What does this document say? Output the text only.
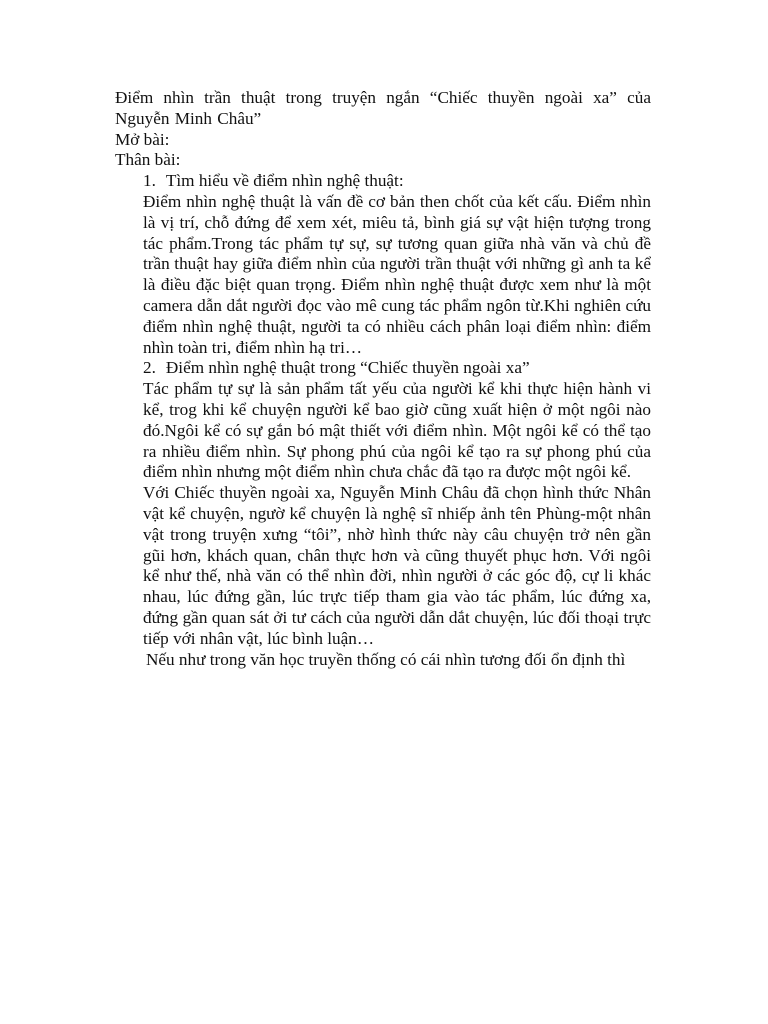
Điểm nhìn trần thuật trong truyện ngắn “Chiếc thuyền ngoài xa” của Nguyễn Minh Châu”

Mở bài:

Thân bài:

1. Tìm hiểu về điểm nhìn nghệ thuật:

Điểm nhìn nghệ thuật là vấn đề cơ bản then chốt của kết cấu. Điểm nhìn là vị trí, chỗ đứng để xem xét, miêu tả, bình giá sự vật hiện tượng trong tác phẩm.Trong tác phẩm tự sự, sự tương quan giữa nhà văn và chủ đề trần thuật hay giữa điểm nhìn của người trần thuật với những gì anh ta kể là điều đặc biệt quan trọng. Điểm nhìn nghệ thuật được xem như là một camera dẫn dắt người đọc vào mê cung tác phẩm ngôn từ.Khi nghiên cứu điểm nhìn nghệ thuật, người ta có nhiều cách phân loại điểm nhìn: điểm nhìn toàn tri, điểm nhìn hạ tri…

2. Điểm nhìn nghệ thuật trong “Chiếc thuyền ngoài xa”

Tác phẩm tự sự là sản phẩm tất yếu của người kể khi thực hiện hành vi kể, trog khi kể chuyện người kể bao giờ cũng xuất hiện ở một ngôi nào đó.Ngôi kể có sự gắn bó mật thiết với điểm nhìn. Một ngôi kể có thể tạo ra nhiều điểm nhìn. Sự phong phú của ngôi kể tạo ra sự phong phú của điểm nhìn nhưng một điểm nhìn chưa chắc đã tạo ra được một ngôi kể.

Với Chiếc thuyền ngoài xa, Nguyễn Minh Châu đã chọn hình thức Nhân vật kể chuyện, ngườ kể chuyện là nghệ sĩ nhiếp ảnh tên Phùng-một nhân vật trong truyện xưng “tôi”, nhờ hình thức này câu chuyện trở nên gần gũi hơn, khách quan, chân thực hơn và cũng thuyết phục hơn. Với ngôi kể như thế, nhà văn có thể nhìn đời, nhìn người ở các góc độ, cự li khác nhau, lúc đứng gần, lúc trực tiếp tham gia vào tác phẩm, lúc đứng xa, đứng gần quan sát ởi tư cách của người dẫn dắt chuyện, lúc đối thoại trực tiếp với nhân vật, lúc bình luận…

Nếu như trong văn học truyền thống có cái nhìn tương đối ổn định thì
